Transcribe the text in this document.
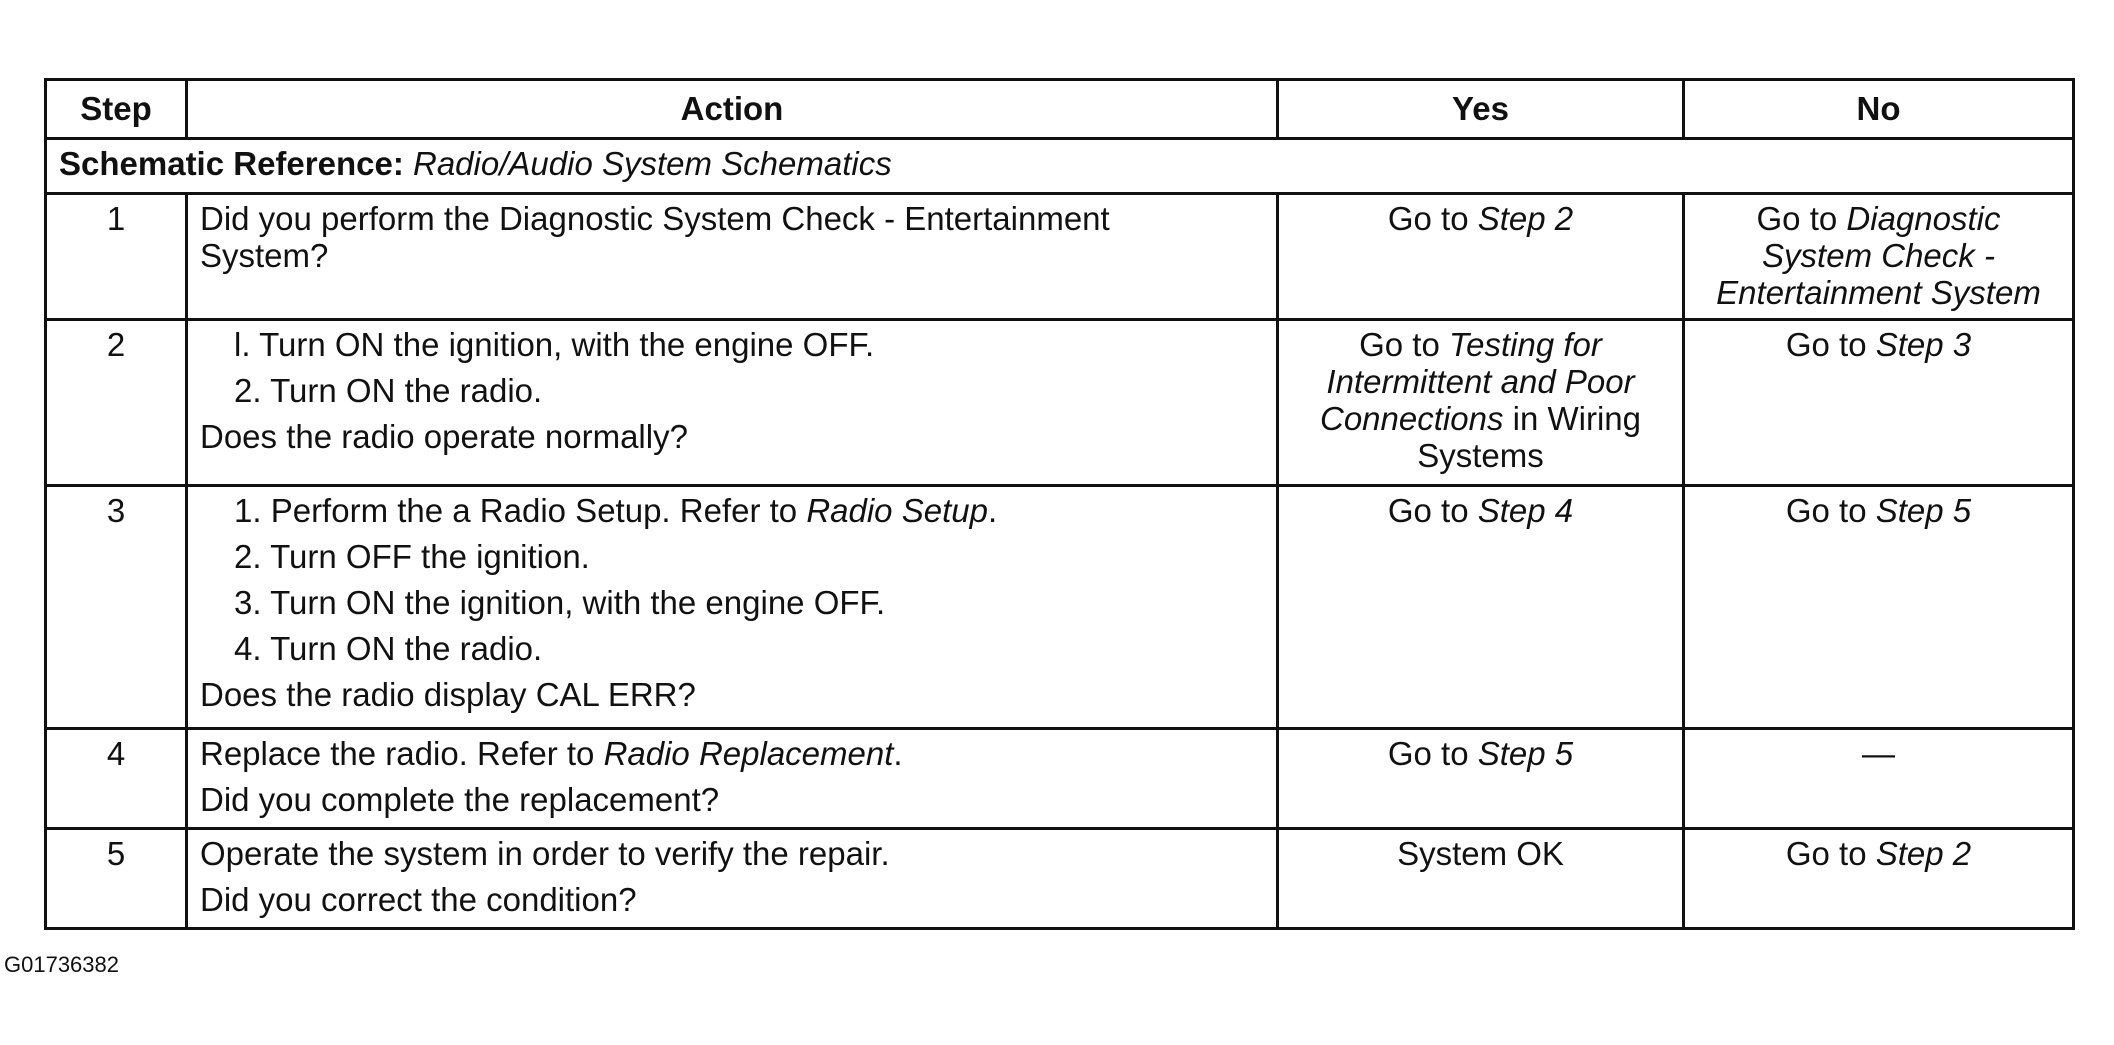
Step	Action	Yes	No
Schematic Reference: Radio/Audio System Schematics			
1	Did you perform the Diagnostic System Check - Entertainment System?	Go to Step 2	Go to Diagnostic System Check - Entertainment System
2	l. Turn ON the ignition, with the engine OFF.
2. Turn ON the radio.
Does the radio operate normally?	Go to Testing for Intermittent and Poor Connections in Wiring Systems	Go to Step 3
3	1. Perform the a Radio Setup. Refer to Radio Setup.
2. Turn OFF the ignition.
3. Turn ON the ignition, with the engine OFF.
4. Turn ON the radio.
Does the radio display CAL ERR?	Go to Step 4	Go to Step 5
4	Replace the radio. Refer to Radio Replacement.
Did you complete the replacement?	Go to Step 5	—
5	Operate the system in order to verify the repair.
Did you correct the condition?	System OK	Go to Step 2
G01736382
